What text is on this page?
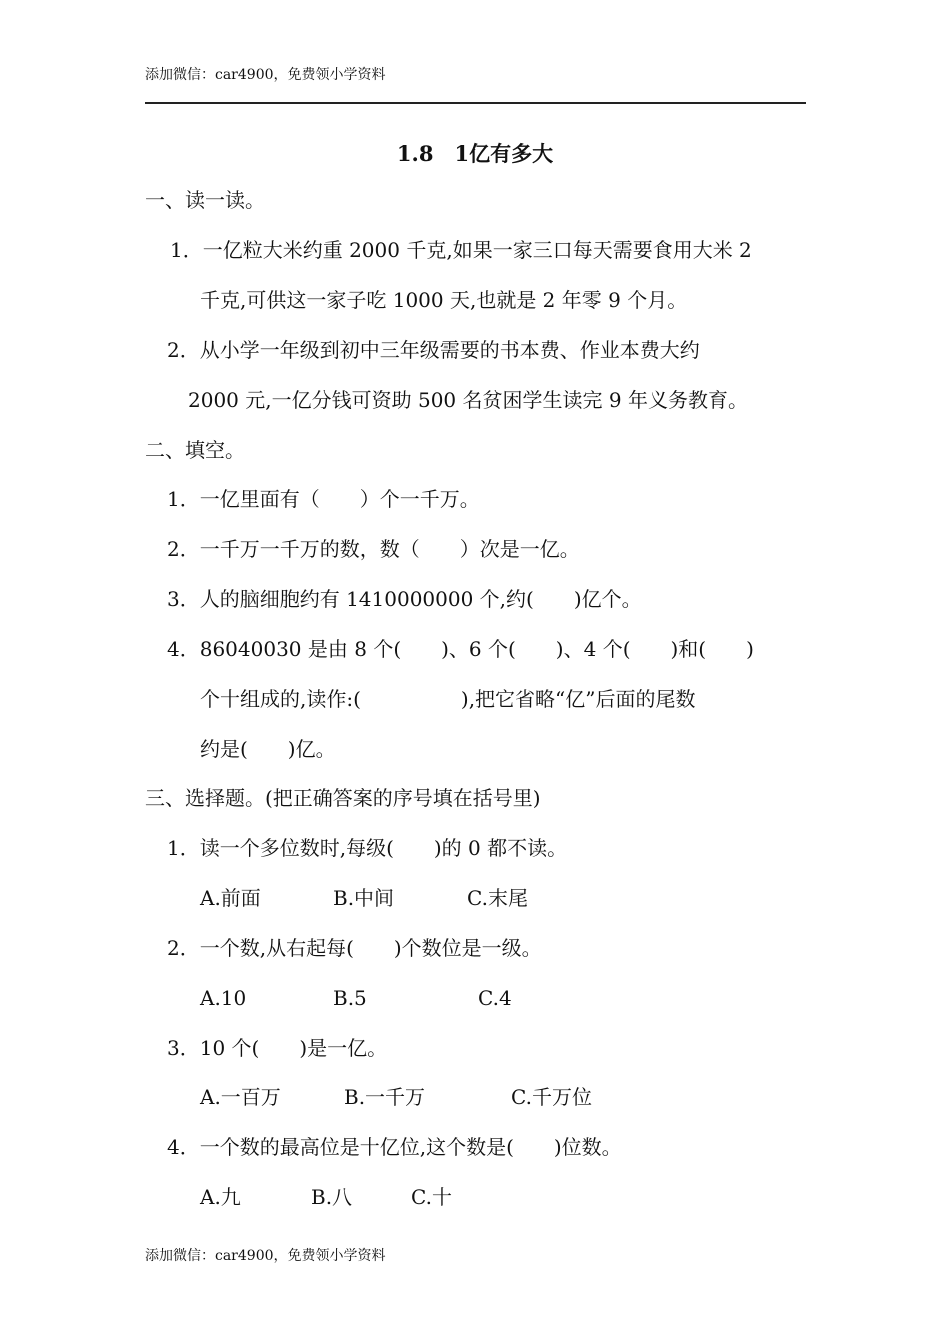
添加微信：car4900，免费领小学资料
1.8　1亿有多大
一、读一读。
1．一亿粒大米约重 2000 千克,如果一家三口每天需要食用大米 2
千克,可供这一家子吃 1000 天,也就是 2 年零 9 个月。
2．从小学一年级到初中三年级需要的书本费、作业本费大约
2000 元,一亿分钱可资助 500 名贫困学生读完 9 年义务教育。
二、填空。
1．一亿里面有（　　）个一千万。
2．一千万一千万的数，数（　　）次是一亿。
3．人的脑细胞约有 1410000000 个,约(　　)亿个。
4．86040030 是由 8 个(　　)、6 个(　　)、4 个(　　)和(　　)
个十组成的,读作:(　　　　　),把它省略“亿”后面的尾数
约是(　　)亿。
三、选择题。(把正确答案的序号填在括号里)
1．读一个多位数时,每级(　　)的 0 都不读。
A.前面	B.中间	C.末尾
2．一个数,从右起每(　　)个数位是一级。
A.10	B.5	C.4
3．10 个(　　)是一亿。
A.一百万	B.一千万	C.千万位
4．一个数的最高位是十亿位,这个数是(　　)位数。
A.九	B.八	C.十
添加微信：car4900，免费领小学资料
